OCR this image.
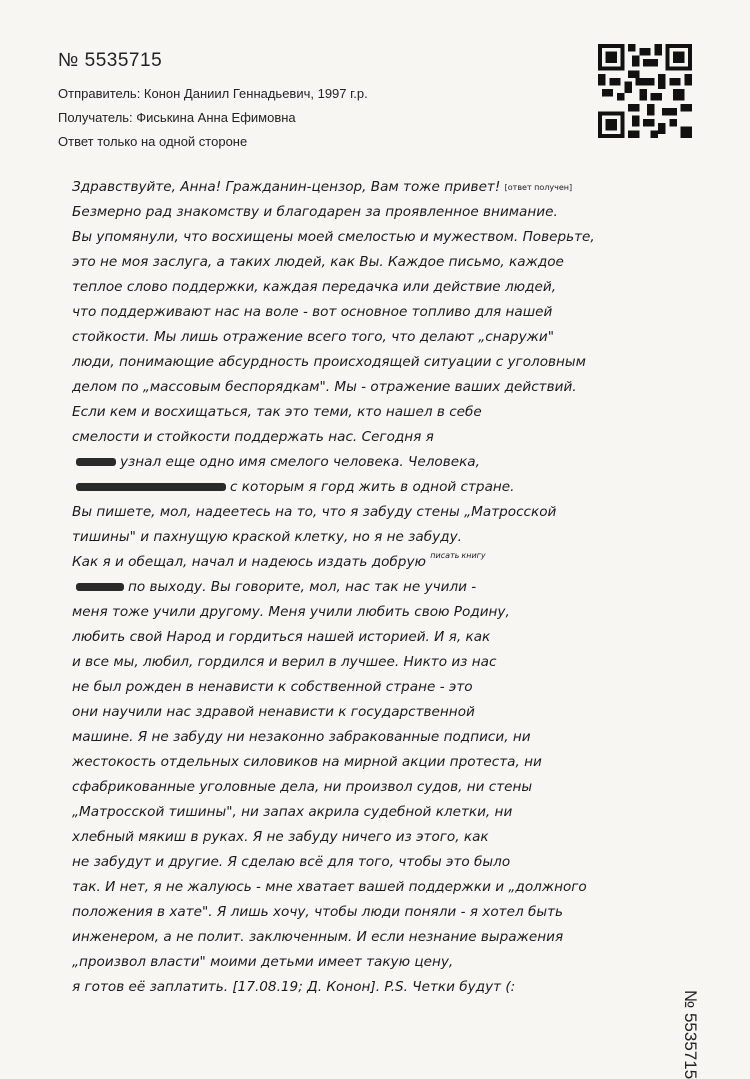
№ 5535715
Отправитель: Конон Даниил Геннадьевич, 1997 г.р.
Получатель: Фиськина Анна Ефимовна
Ответ только на одной стороне
Здравствуйте, Анна! Гражданин-цензор, Вам тоже привет! [ответ получен]
Безмерно рад знакомству и благодарен за проявленное внимание.
Вы упомянули, что восхищены моей смелостью и мужеством. Поверьте,
это не моя заслуга, а таких людей, как Вы. Каждое письмо, каждое
теплое слово поддержки, каждая передачка или действие людей,
что поддерживают нас на воле - вот основное топливо для нашей
стойкости. Мы лишь отражение всего того, что делают „снаружи"
люди, понимающие абсурдность происходящей ситуации с уголовным
делом по „массовым беспорядкам". Мы - отражение ваших действий.
Если кем и восхищаться, так это теми, кто нашел в себе
смелости и стойкости поддержать нас. Сегодня я
узнал еще одно имя смелого человека. Человека,
с которым я горд жить в одной стране.
Вы пишете, мол, надеетесь на то, что я забуду стены „Матросской
тишины" и пахнущую краской клетку, но я не забуду.
Как я и обещал, начал и надеюсь издать добрую $^{писать}$ $^{книгу}$
по выходу. Вы говорите, мол, нас так не учили -
меня тоже учили другому. Меня учили любить свою Родину,
любить свой Народ и гордиться нашей историей. И я, как
и все мы, любил, гордился и верил в лучшее. Никто из нас
не был рожден в ненависти к собственной стране - это
они научили нас здравой ненависти к государственной
машине. Я не забуду ни незаконно забракованные подписи, ни
жестокость отдельных силовиков на мирной акции протеста, ни
сфабрикованные уголовные дела, ни произвол судов, ни стены
„Матросской тишины", ни запах акрила судебной клетки, ни
хлебный мякиш в руках. Я не забуду ничего из этого, как
не забудут и другие. Я сделаю всё для того, чтобы это было
так. И нет, я не жалуюсь - мне хватает вашей поддержки и „должного
положения в хате". Я лишь хочу, чтобы люди поняли - я хотел быть
инженером, а не полит. заключенным. И если незнание выражения
„произвол власти" моими детьми имеет такую цену,
я готов её заплатить. [17.08.19; Д. Конон]. P.S. Четки будут (:
№ 5535715
